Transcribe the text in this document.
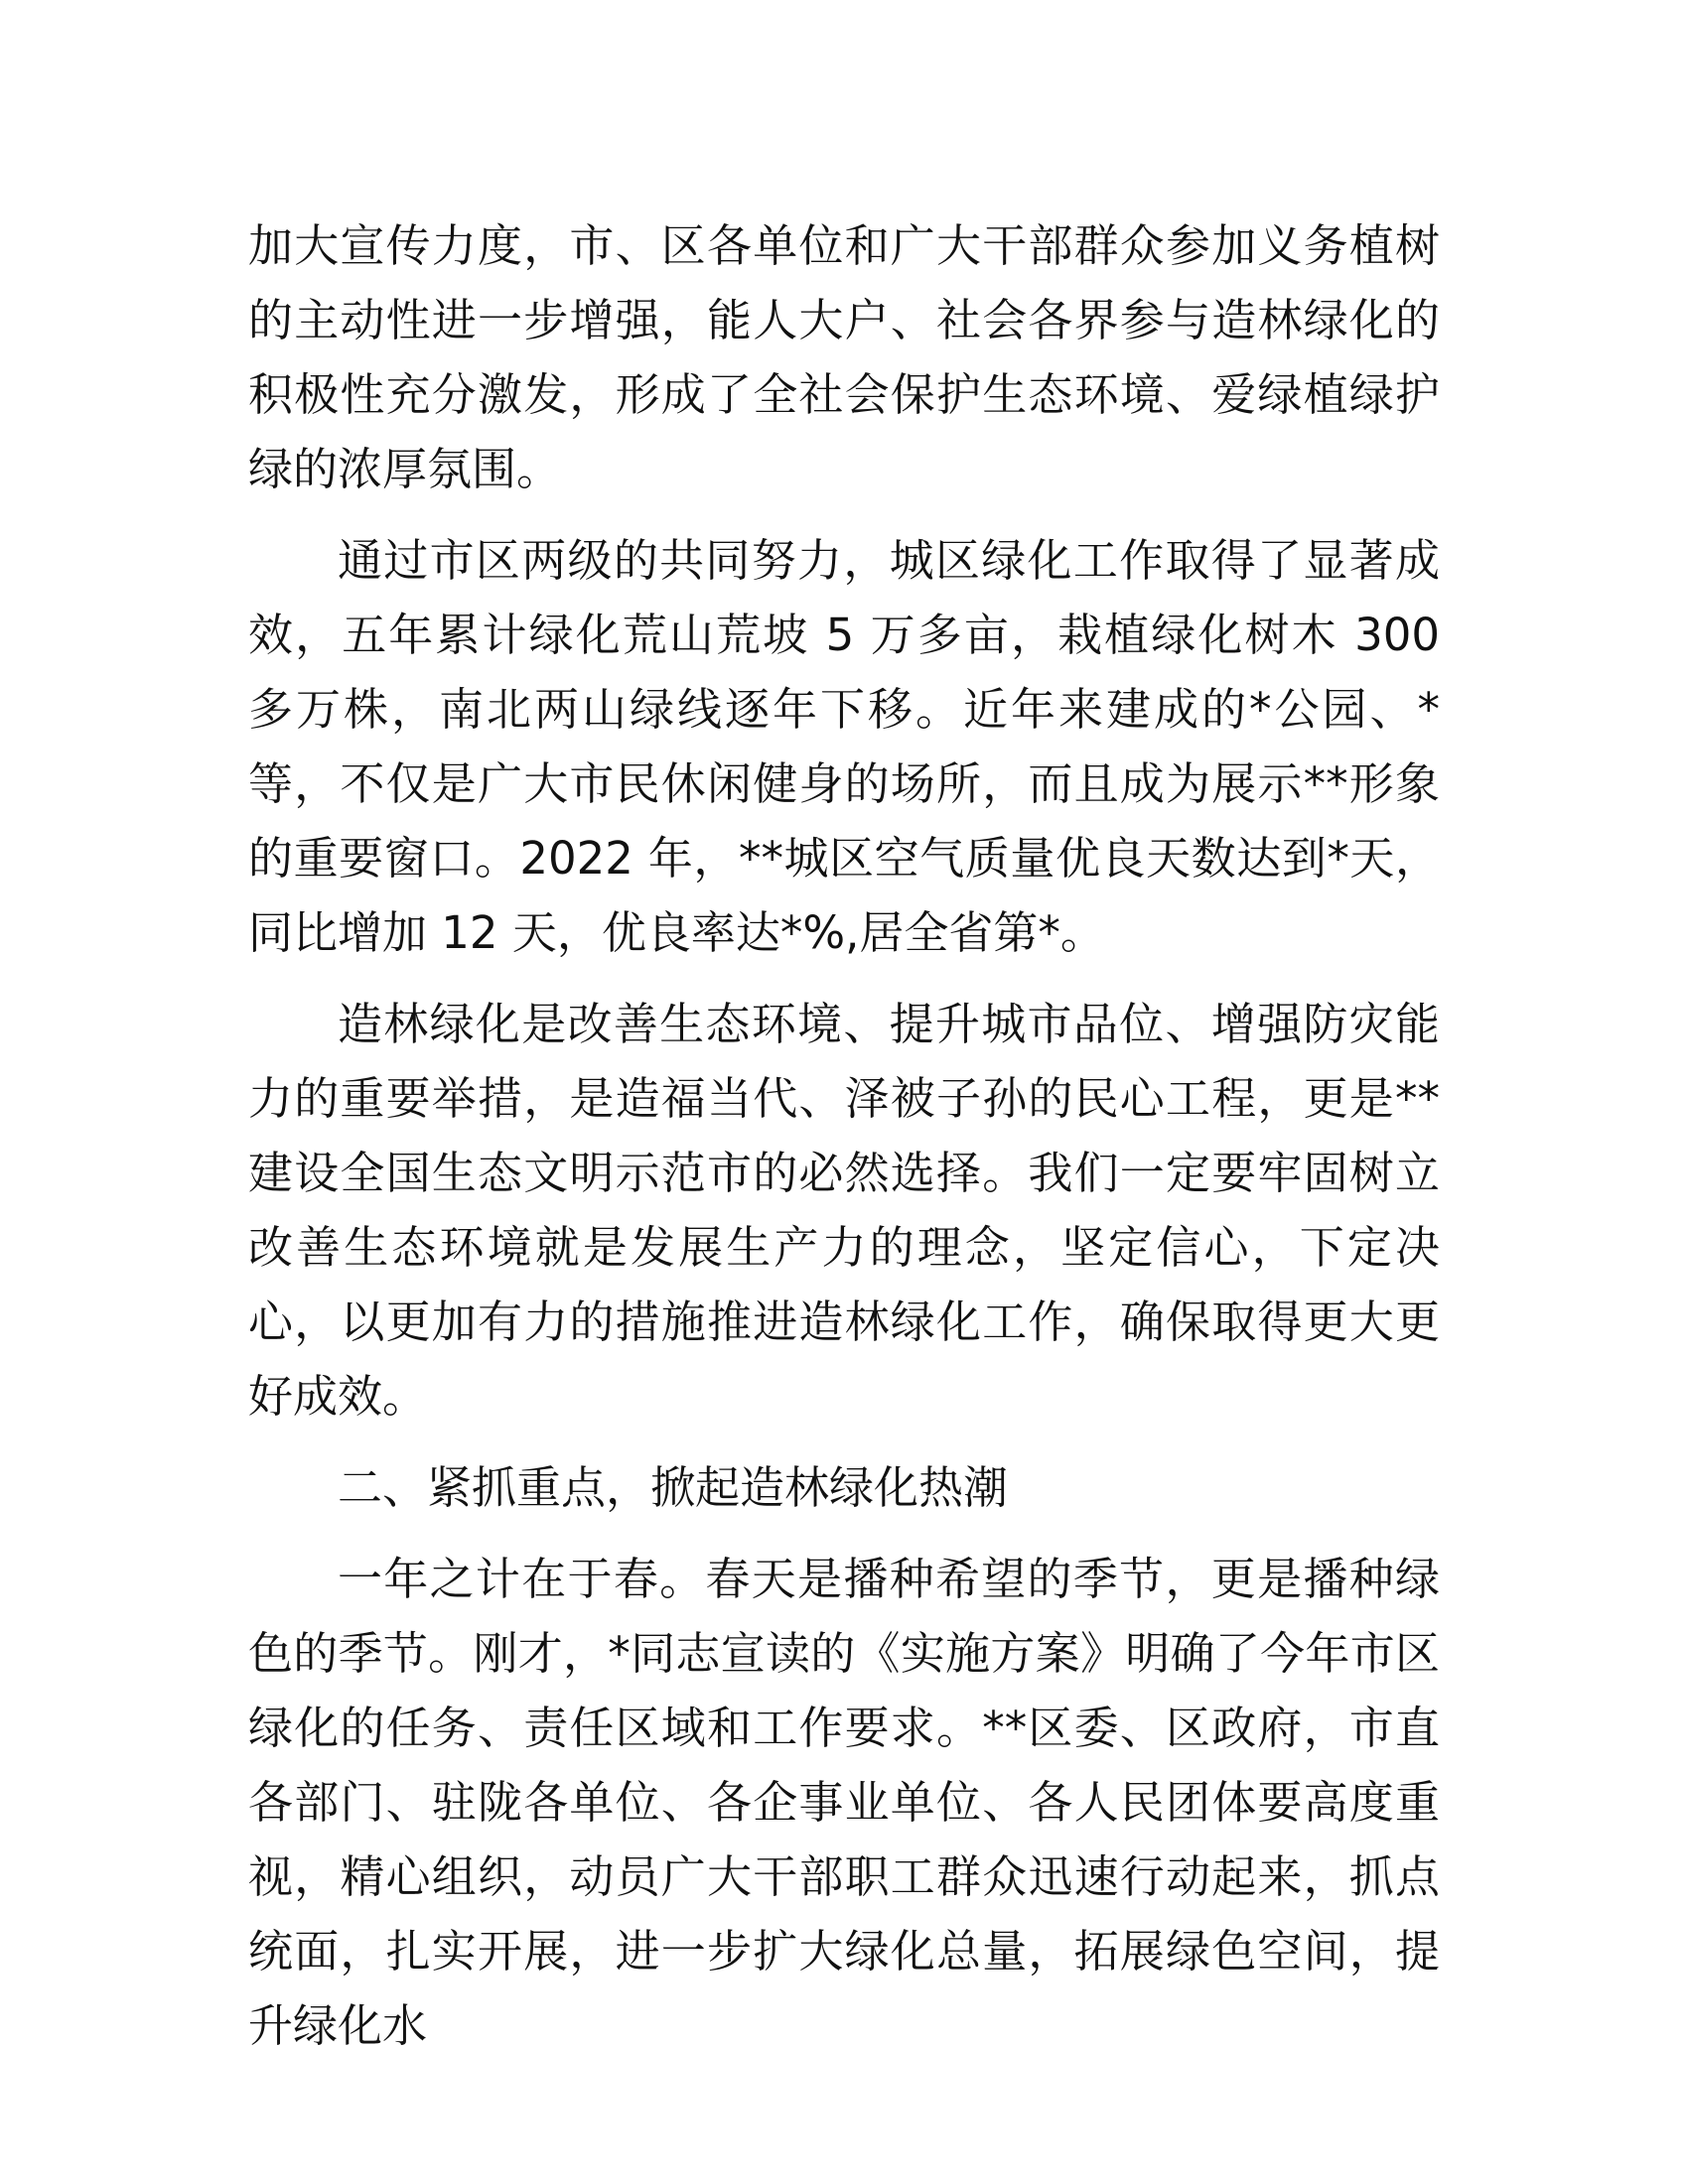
加大宣传力度，市、区各单位和广大干部群众参加义务植树的主动性进一步增强，能人大户、社会各界参与造林绿化的积极性充分激发，形成了全社会保护生态环境、爱绿植绿护绿的浓厚氛围。

通过市区两级的共同努力，城区绿化工作取得了显著成效，五年累计绿化荒山荒坡 5 万多亩，栽植绿化树木 300 多万株，南北两山绿线逐年下移。近年来建成的*公园、*等，不仅是广大市民休闲健身的场所，而且成为展示**形象的重要窗口。2022 年，**城区空气质量优良天数达到*天，同比增加 12 天，优良率达*%,居全省第*。

造林绿化是改善生态环境、提升城市品位、增强防灾能力的重要举措，是造福当代、泽被子孙的民心工程，更是**建设全国生态文明示范市的必然选择。我们一定要牢固树立改善生态环境就是发展生产力的理念，坚定信心，下定决心，以更加有力的措施推进造林绿化工作，确保取得更大更好成效。

二、紧抓重点，掀起造林绿化热潮

一年之计在于春。春天是播种希望的季节，更是播种绿色的季节。刚才，*同志宣读的《实施方案》明确了今年市区绿化的任务、责任区域和工作要求。**区委、区政府，市直各部门、驻陇各单位、各企事业单位、各人民团体要高度重视，精心组织，动员广大干部职工群众迅速行动起来，抓点统面，扎实开展，进一步扩大绿化总量，拓展绿色空间，提升绿化水
